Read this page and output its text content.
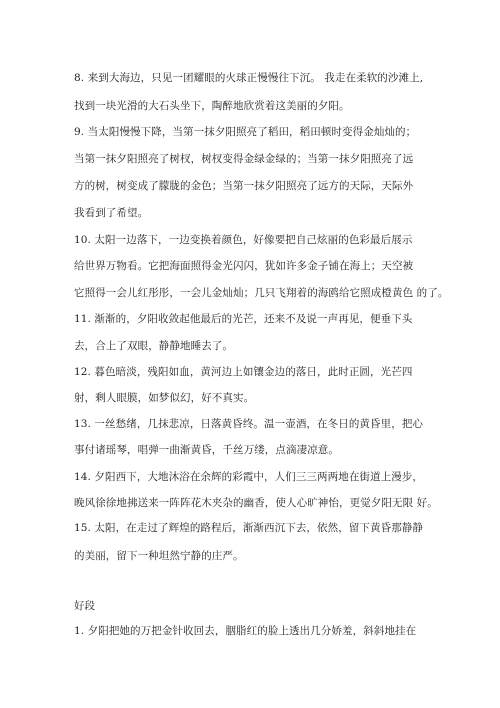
8. 来到大海边，只见一团耀眼的火球正慢慢往下沉。 我走在柔软的沙滩上,
找到一块光滑的大石头坐下，陶醉地欣赏着这美丽的夕阳。
9. 当太阳慢慢下降，当第一抹夕阳照亮了稻田，稻田顿时变得金灿灿的；
当第一抹夕阳照亮了树杈，树杈变得金绿金绿的；当第一抹夕阳照亮了远
方的树，树变成了朦胧的金色；当第一抹夕阳照亮了远方的天际，天际外
我看到了希望。
10. 太阳一边落下，一边变换着颜色，好像要把自己炫丽的色彩最后展示
给世界万物看。它把海面照得金光闪闪，犹如许多金子铺在海上；天空被
它照得一会儿红彤彤，一会儿金灿灿；几只飞翔着的海鸥给它照成橙黄色 的了。
11. 渐渐的，夕阳收敛起他最后的光芒，还来不及说一声再见，便垂下头
去，合上了双眼，静静地睡去了。
12. 暮色暗淡，残阳如血，黄河边上如镶金边的落日，此时正圆，光芒四
射，剩人眼膜，如梦似幻，好不真实。
13. 一丝愁绪，几抹悲凉，日落黄昏终。温一壶酒，在冬日的黄昏里，把心
事付诸瑶琴，唱弹一曲渐黄昏，千丝万缕，点滴凄凉意。
14. 夕阳西下，大地沐浴在余辉的彩霞中，人们三三两两地在街道上漫步，
晚风徐徐地拂送来一阵阵花木夹杂的幽香，使人心旷神怡，更觉夕阳无限 好。
15. 太阳，在走过了辉煌的路程后，渐渐西沉下去，依然，留下黄昏那静静
的美丽，留下一种坦然宁静的庄严。
好段
1. 夕阳把她的万把金针收回去，胭脂红的脸上透出几分娇羞，斜斜地挂在
